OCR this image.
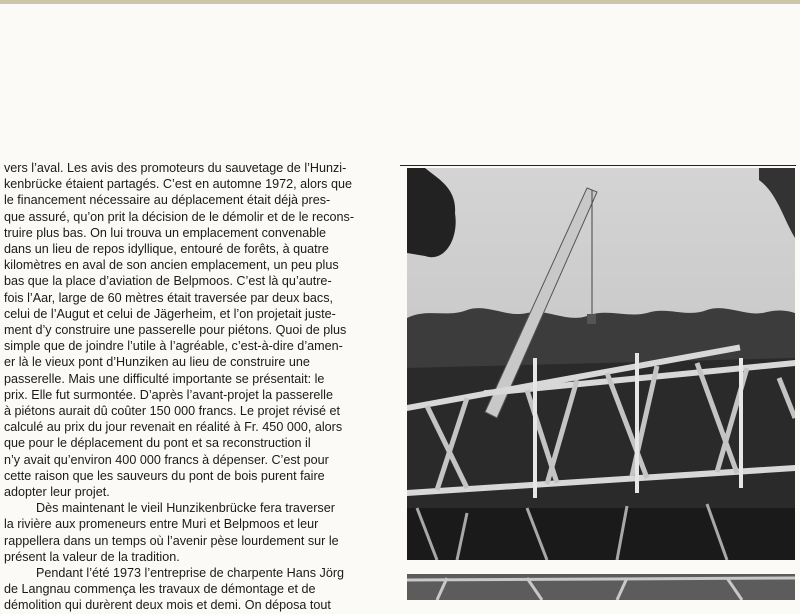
vers l’aval. Les avis des promoteurs du sauvetage de l’Hunzi-
kenbrücke étaient partagés. C’est en automne 1972, alors que
le financement nécessaire au déplacement était déjà pres-
que assuré, qu’on prit la décision de le démolir et de le recons-
truire plus bas. On lui trouva un emplacement convenable
dans un lieu de repos idyllique, entouré de forêts, à quatre
kilomètres en aval de son ancien emplacement, un peu plus
bas que la place d’aviation de Belpmoos. C’est là qu’autre-
fois l’Aar, large de 60 mètres était traversée par deux bacs,
celui de l’Augut et celui de Jägerheim, et l’on projetait juste-
ment d’y construire une passerelle pour piétons. Quoi de plus
simple que de joindre l’utile à l’agréable, c’est-à-dire d’amen-
er là le vieux pont d’Hunziken au lieu de construire une
passerelle. Mais une difficulté importante se présentait: le
prix. Elle fut surmontée. D’après l’avant-projet la passerelle
à piétons aurait dû coûter 150 000 francs. Le projet révisé et
calculé au prix du jour revenait en réalité à Fr. 450 000, alors
que pour le déplacement du pont et sa reconstruction il
n’y avait qu’environ 400 000 francs à dépenser. C’est pour
cette raison que les sauveurs du pont de bois purent faire
adopter leur projet.
Dès maintenant le vieil Hunzikenbrücke fera traverser
la rivière aux promeneurs entre Muri et Belpmoos et leur
rappellera dans un temps où l’avenir pèse lourdement sur le
présent la valeur de la tradition.
Pendant l’été 1973 l’entreprise de charpente Hans Jörg
de Langnau commença les travaux de démontage et de
démolition qui durèrent deux mois et demi. On déposa tout
